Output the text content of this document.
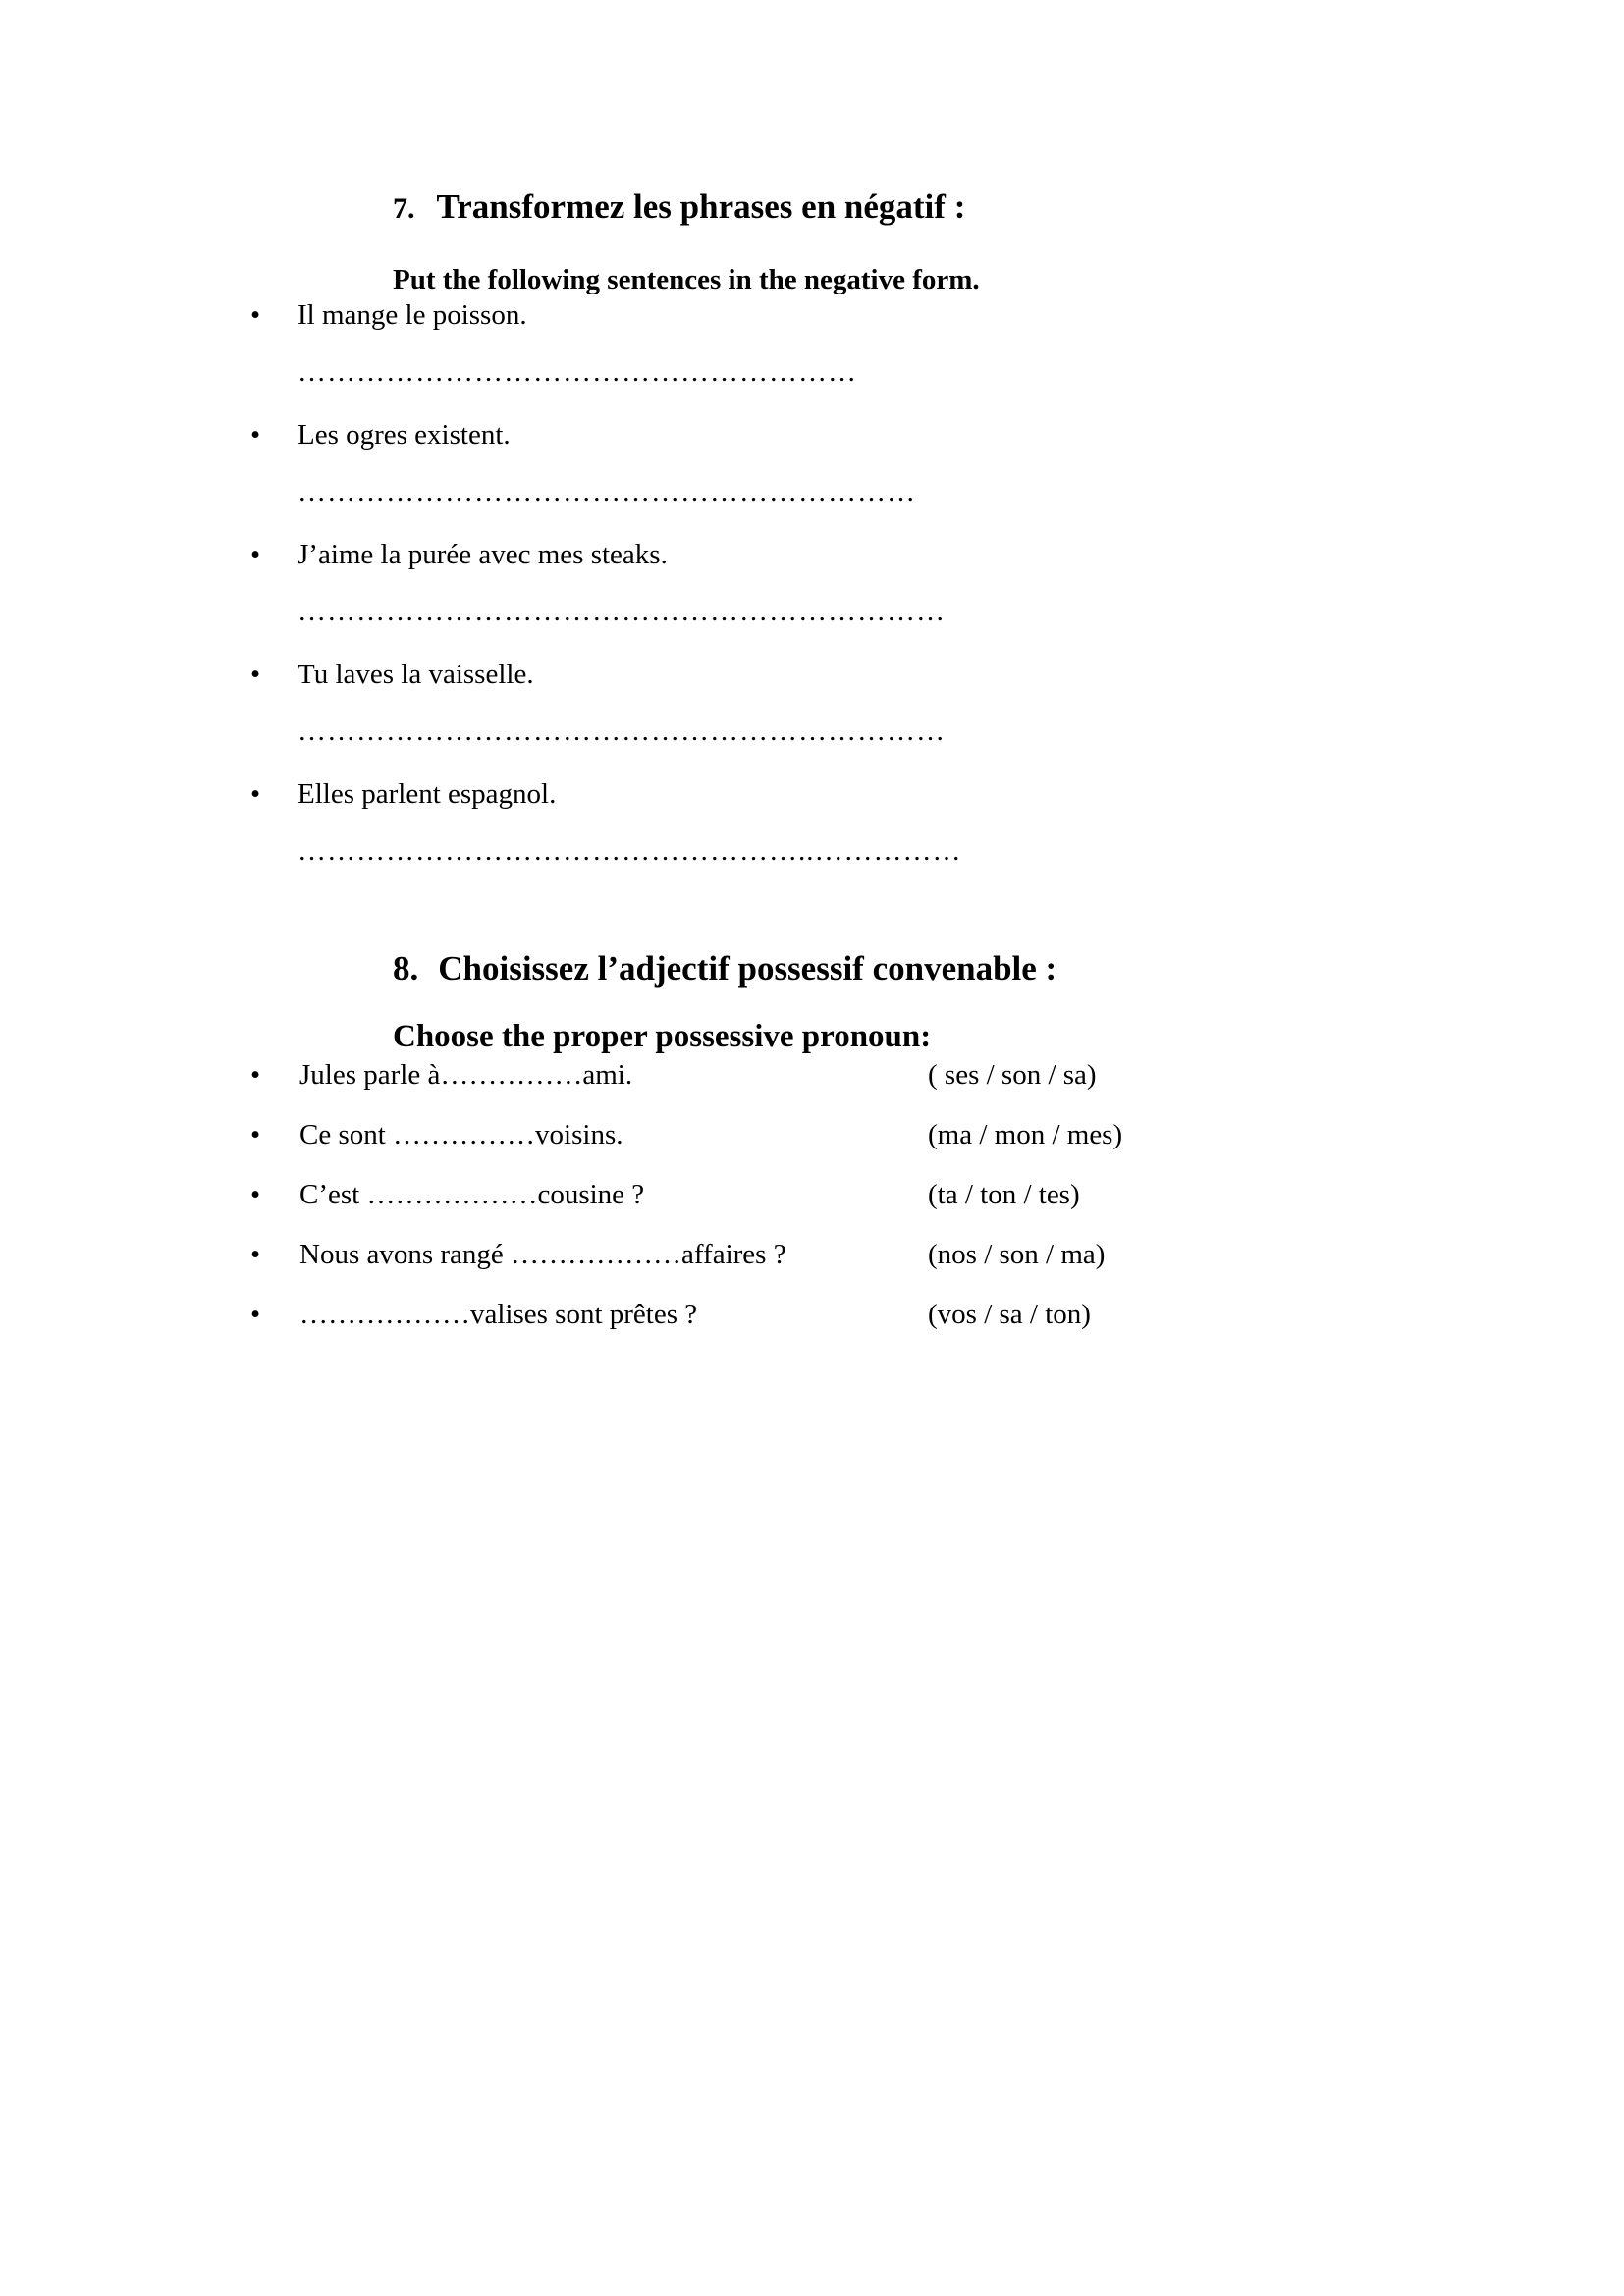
7. Transformez les phrases en négatif :
Put the following sentences in the negative form.
• Il mange le poisson.
…………………………………………………
• Les ogres existent.
………………………………………………………
• J’aime la purée avec mes steaks.
…………………………………………………………
• Tu laves la vaisselle.
…………………………………………………………
• Elles parlent espagnol.
……………………………………………..……………
8. Choisissez l’adjectif possessif convenable :
Choose the proper possessive pronoun:
• Jules parle à……………ami.	( ses / son / sa)
• Ce sont ……………voisins.	(ma / mon / mes)
• C’est ………………cousine ?	(ta / ton / tes)
• Nous avons rangé ………………affaires ?	(nos / son / ma)
• ………………valises sont prêtes ?	(vos / sa / ton)
